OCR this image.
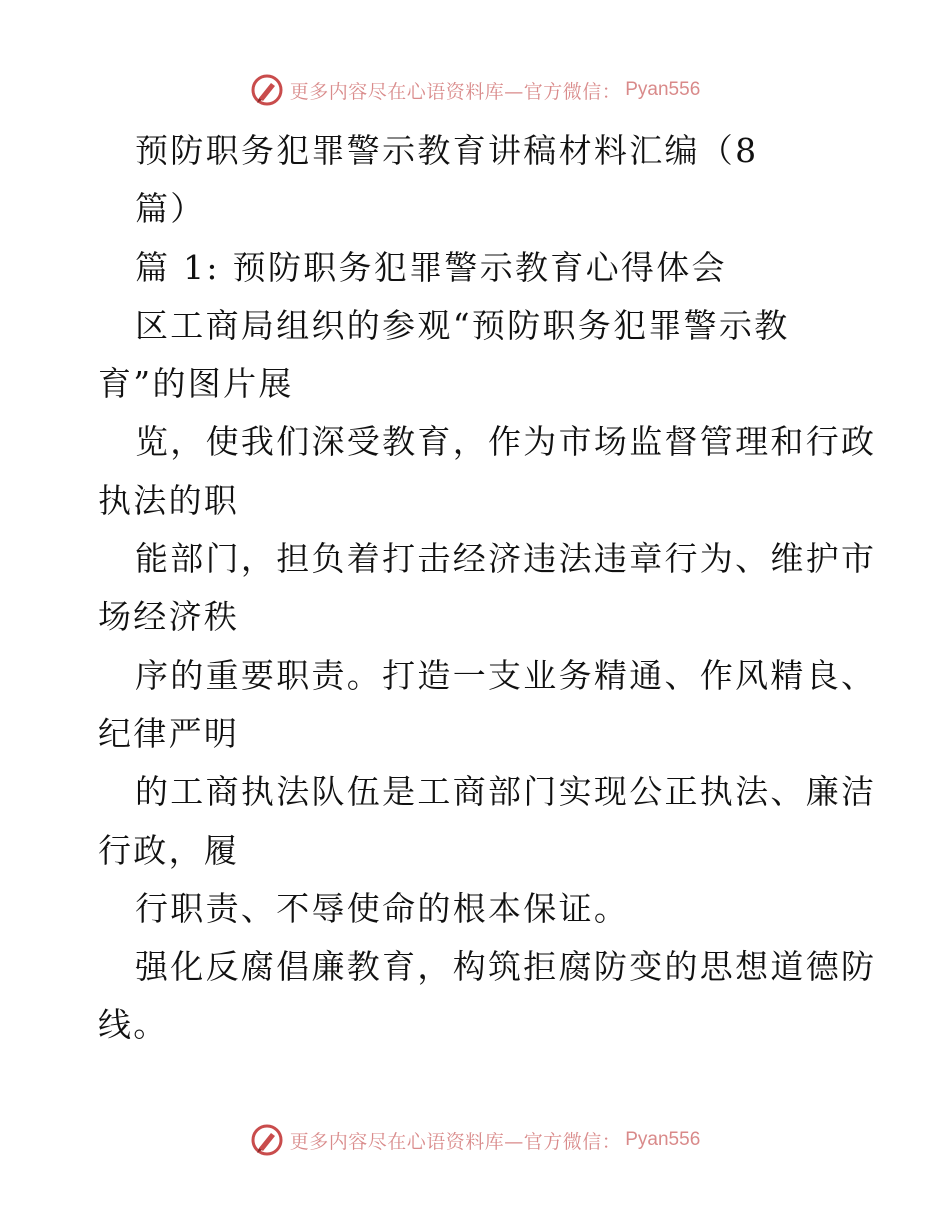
更多内容尽在心语资料库—官方微信： Pyan556
预防职务犯罪警示教育讲稿材料汇编（8
篇）
篇 1: 预防职务犯罪警示教育心得体会
区工商局组织的参观“预防职务犯罪警示教
育”的图片展
览，使我们深受教育，作为市场监督管理和行政
执法的职
能部门，担负着打击经济违法违章行为、维护市
场经济秩
序的重要职责。打造一支业务精通、作风精良、
纪律严明
的工商执法队伍是工商部门实现公正执法、廉洁
行政，履
行职责、不辱使命的根本保证。
强化反腐倡廉教育，构筑拒腐防变的思想道德防
线。
更多内容尽在心语资料库—官方微信： Pyan556
